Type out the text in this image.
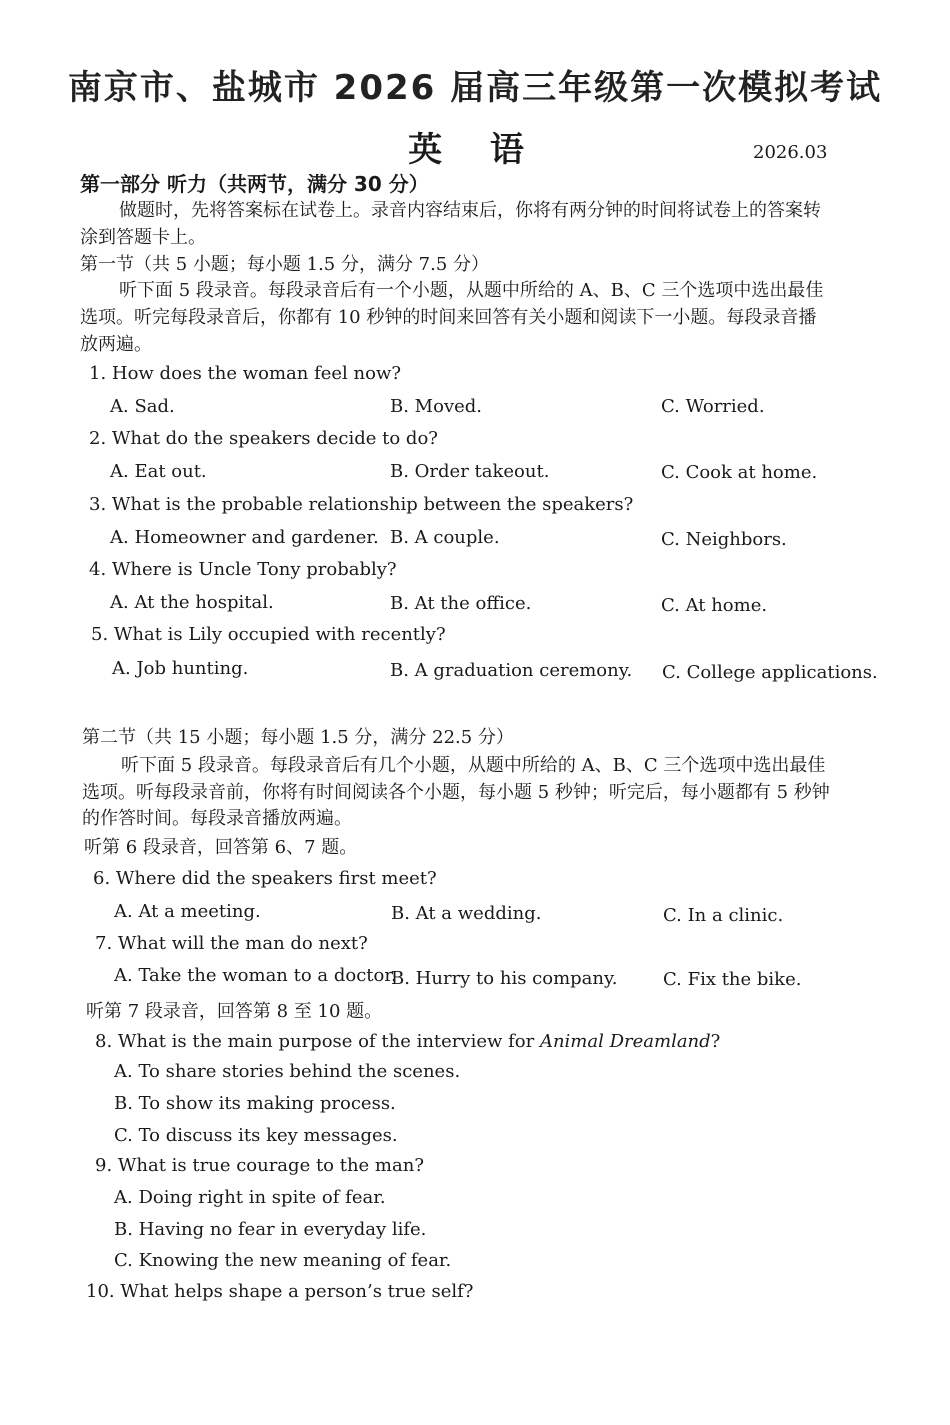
南京市、盐城市 2026 届高三年级第一次模拟考试
英 语	2026.03
第一部分 听力（共两节，满分 30 分）
做题时，先将答案标在试卷上。录音内容结束后，你将有两分钟的时间将试卷上的答案转
涂到答题卡上。
第一节（共 5 小题；每小题 1.5 分，满分 7.5 分）
听下面 5 段录音。每段录音后有一个小题，从题中所给的 A、B、C 三个选项中选出最佳
选项。听完每段录音后，你都有 10 秒钟的时间来回答有关小题和阅读下一小题。每段录音播
放两遍。
1. How does the woman feel now?
A. Sad.	B. Moved.	C. Worried.
2. What do the speakers decide to do?
A. Eat out.	B. Order takeout.	C. Cook at home.
3. What is the probable relationship between the speakers?
A. Homeowner and gardener. B. A couple.	C. Neighbors.
4. Where is Uncle Tony probably?
A. At the hospital.	B. At the office.	C. At home.
5. What is Lily occupied with recently?
A. Job hunting.	B. A graduation ceremony. C. College applications.
第二节（共 15 小题；每小题 1.5 分，满分 22.5 分）
听下面 5 段录音。每段录音后有几个小题，从题中所给的 A、B、C 三个选项中选出最佳
选项。听每段录音前，你将有时间阅读各个小题，每小题 5 秒钟；听完后，每小题都有 5 秒钟
的作答时间。每段录音播放两遍。
听第 6 段录音，回答第 6、7 题。
6. Where did the speakers first meet?
A. At a meeting.	B. At a wedding.	C. In a clinic.
7. What will the man do next?
A. Take the woman to a doctor.
B. Hurry to his company.	C. Fix the bike.
听第 7 段录音，回答第 8 至 10 题。
8. What is the main purpose of the interview for Animal Dreamland?
A. To share stories behind the scenes.
B. To show its making process.
C. To discuss its key messages.
9. What is true courage to the man?
A. Doing right in spite of fear.
B. Having no fear in everyday life.
C. Knowing the new meaning of fear.
10. What helps shape a person’s true self?
